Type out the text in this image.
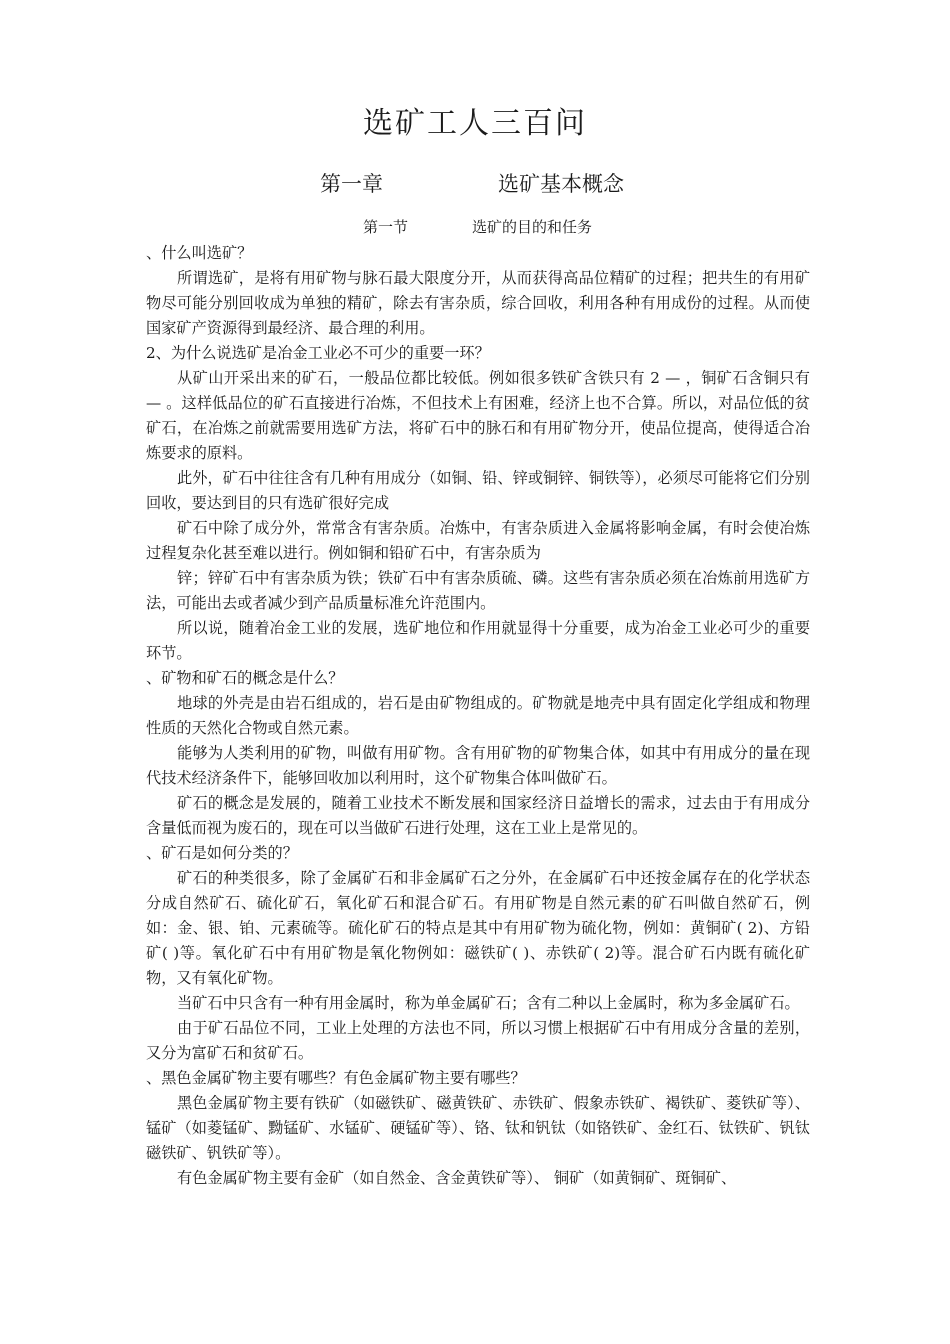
选矿工人三百问
第一章	选矿基本概念
第一节	选矿的目的和任务

、什么叫选矿？

所谓选矿，是将有用矿物与脉石最大限度分开，从而获得高品位精矿的过程；把共生的有用矿物尽可能分别回收成为单独的精矿，除去有害杂质，综合回收，利用各种有用成份的过程。从而使国家矿产资源得到最经济、最合理的利用。

2、为什么说选矿是冶金工业必不可少的重要一环？

从矿山开采出来的矿石，一般品位都比较低。例如很多铁矿含铁只有 2 — ，铜矿石含铜只有 — 。这样低品位的矿石直接进行冶炼，不但技术上有困难，经济上也不合算。所以，对品位低的贫矿石，在冶炼之前就需要用选矿方法，将矿石中的脉石和有用矿物分开，使品位提高，使得适合冶炼要求的原料。

此外，矿石中往往含有几种有用成分（如铜、铅、锌或铜锌、铜铁等），必须尽可能将它们分别回收，要达到目的只有选矿很好完成

矿石中除了成分外，常常含有害杂质。冶炼中，有害杂质进入金属将影响金属，有时会使冶炼过程复杂化甚至难以进行。例如铜和铅矿石中，有害杂质为

锌；锌矿石中有害杂质为铁；铁矿石中有害杂质硫、磷。这些有害杂质必须在冶炼前用选矿方法，可能出去或者减少到产品质量标准允许范围内。

所以说，随着冶金工业的发展，选矿地位和作用就显得十分重要，成为冶金工业必可少的重要环节。

、矿物和矿石的概念是什么？

地球的外壳是由岩石组成的，岩石是由矿物组成的。矿物就是地壳中具有固定化学组成和物理性质的天然化合物或自然元素。

能够为人类利用的矿物，叫做有用矿物。含有用矿物的矿物集合体，如其中有用成分的量在现代技术经济条件下，能够回收加以利用时，这个矿物集合体叫做矿石。

矿石的概念是发展的，随着工业技术不断发展和国家经济日益增长的需求，过去由于有用成分含量低而视为废石的，现在可以当做矿石进行处理，这在工业上是常见的。

、矿石是如何分类的？

矿石的种类很多，除了金属矿石和非金属矿石之分外，在金属矿石中还按金属存在的化学状态分成自然矿石、硫化矿石，氧化矿石和混合矿石。有用矿物是自然元素的矿石叫做自然矿石，例如：金、银、铂、元素硫等。硫化矿石的特点是其中有用矿物为硫化物，例如：黄铜矿( 2)、方铅矿( )等。氧化矿石中有用矿物是氧化物例如：磁铁矿( )、赤铁矿( 2)等。混合矿石内既有硫化矿物，又有氧化矿物。

当矿石中只含有一种有用金属时，称为单金属矿石；含有二种以上金属时，称为多金属矿石。

由于矿石品位不同，工业上处理的方法也不同，所以习惯上根据矿石中有用成分含量的差别，又分为富矿石和贫矿石。

、黑色金属矿物主要有哪些？有色金属矿物主要有哪些？

黑色金属矿物主要有铁矿（如磁铁矿、磁黄铁矿、赤铁矿、假象赤铁矿、褐铁矿、菱铁矿等）、 锰矿（如菱锰矿、黝锰矿、水锰矿、硬锰矿等）、铬、钛和钒钛（如铬铁矿、金红石、钛铁矿、钒钛磁铁矿、钒铁矿等）。

有色金属矿物主要有金矿（如自然金、含金黄铁矿等）、 铜矿（如黄铜矿、斑铜矿、
